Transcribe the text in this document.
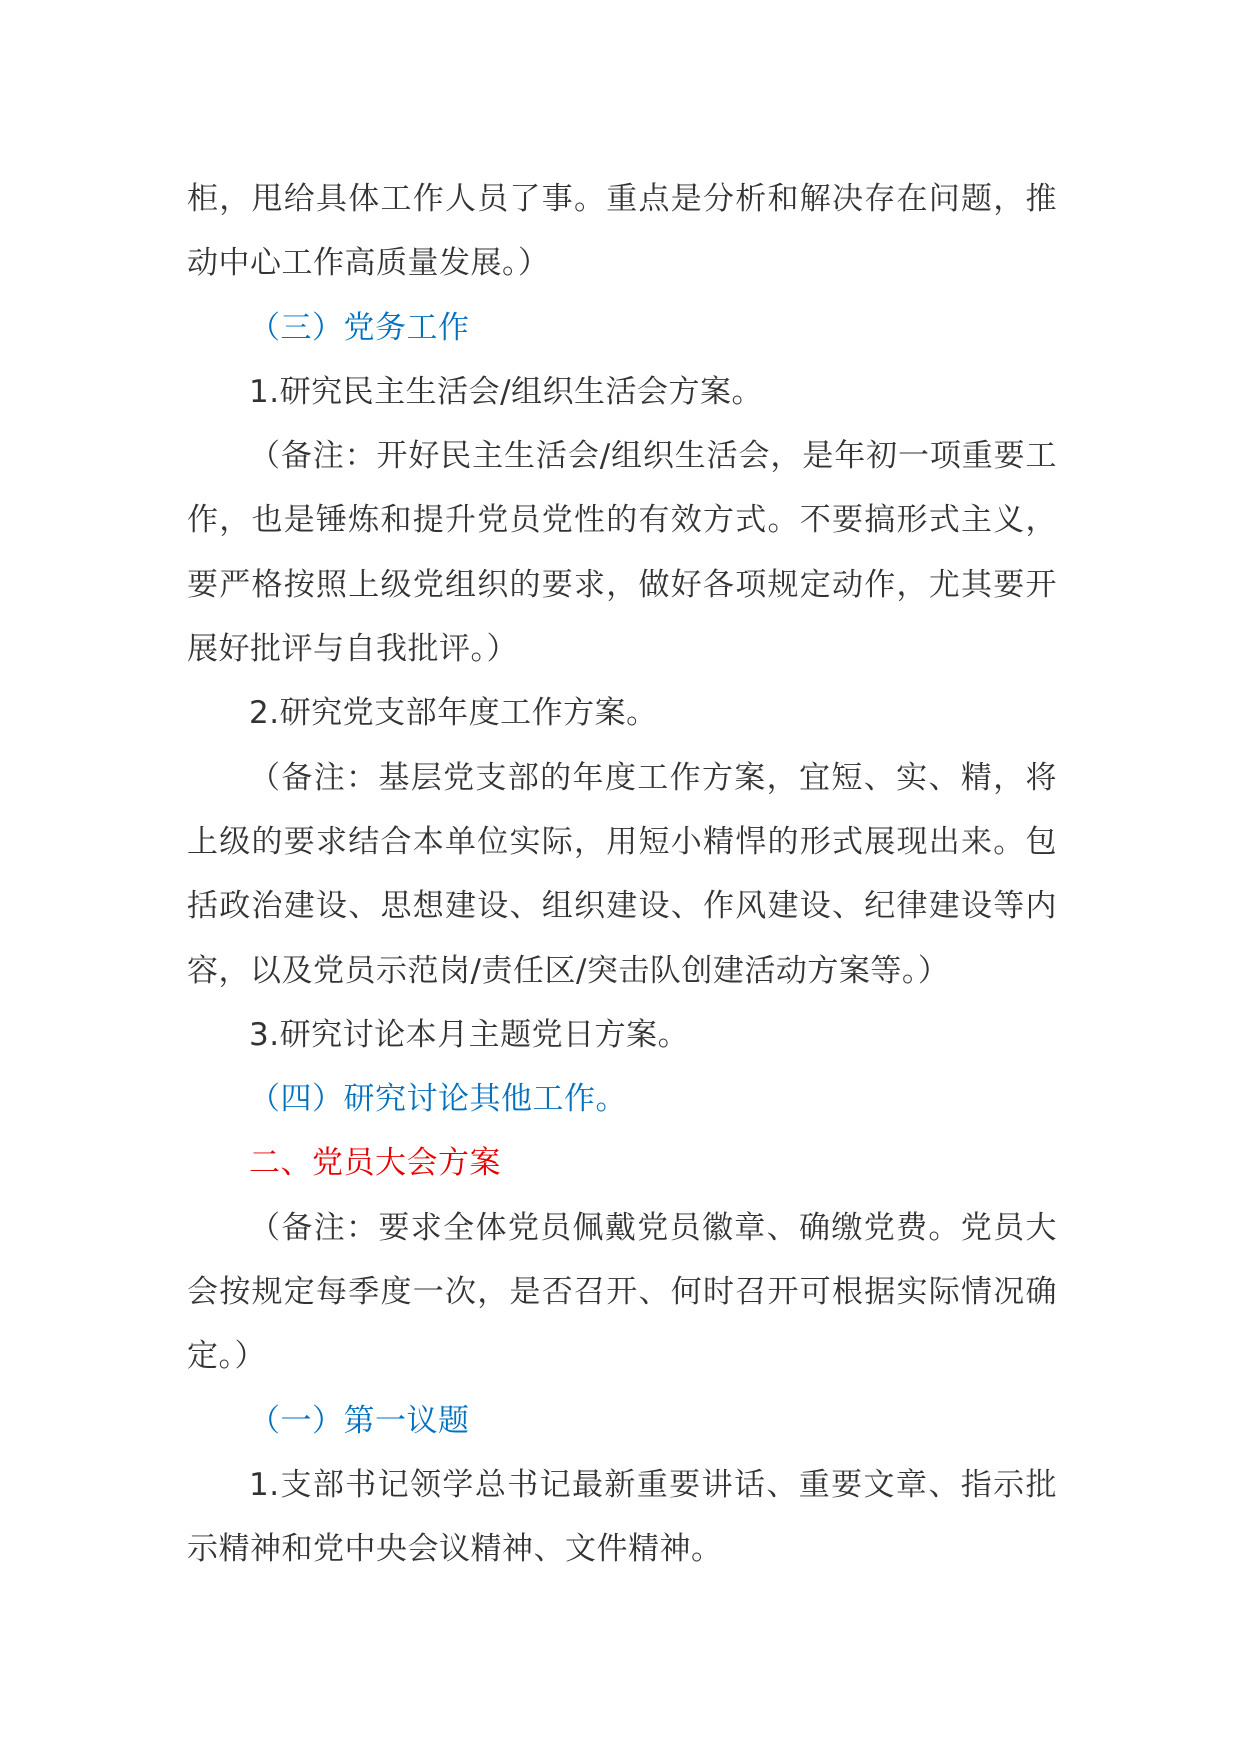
柜，甩给具体工作人员了事。重点是分析和解决存在问题，推动中心工作高质量发展。）

（三）党务工作

1.研究民主生活会/组织生活会方案。

（备注：开好民主生活会/组织生活会，是年初一项重要工作，也是锤炼和提升党员党性的有效方式。不要搞形式主义，要严格按照上级党组织的要求，做好各项规定动作，尤其要开展好批评与自我批评。）

2.研究党支部年度工作方案。

（备注：基层党支部的年度工作方案，宜短、实、精，将上级的要求结合本单位实际，用短小精悍的形式展现出来。包括政治建设、思想建设、组织建设、作风建设、纪律建设等内容，以及党员示范岗/责任区/突击队创建活动方案等。）

3.研究讨论本月主题党日方案。

（四）研究讨论其他工作。

二、党员大会方案

（备注：要求全体党员佩戴党员徽章、确缴党费。党员大会按规定每季度一次，是否召开、何时召开可根据实际情况确定。）

（一）第一议题

1.支部书记领学总书记最新重要讲话、重要文章、指示批示精神和党中央会议精神、文件精神。
